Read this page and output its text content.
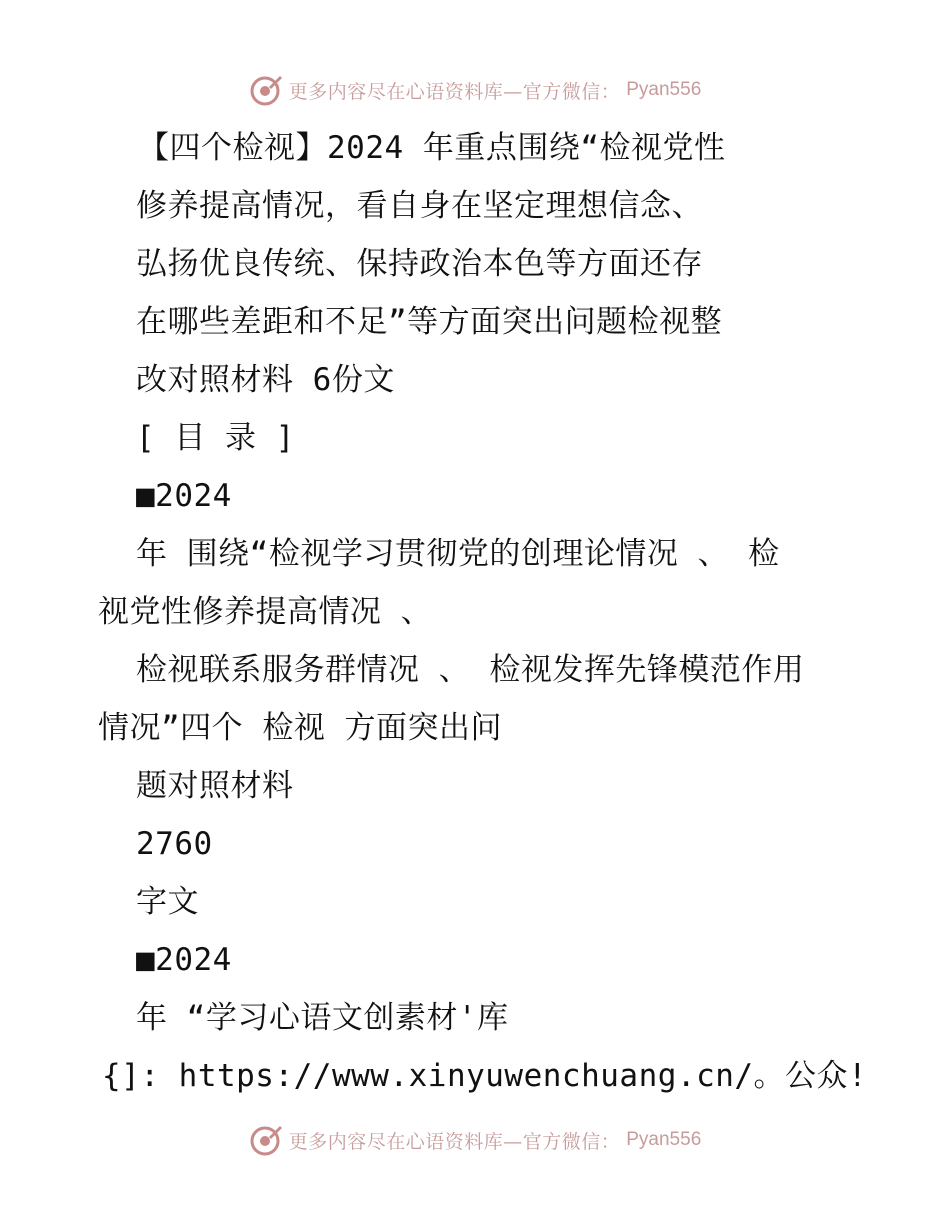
更多内容尽在心语资料库—官方微信： Pyan556
【四个检视】2024 年重点围绕“检视党性
修养提高情况，看自身在坚定理想信念、
弘扬优良传统、保持政治本色等方面还存
在哪些差距和不足”等方面突出问题检视整
改对照材料 6份文
[ 目 录 ]
■2024
年 围绕“检视学习贯彻党的创理论情况 、 检
视党性修养提高情况 、
检视联系服务群情况 、 检视发挥先锋模范作用
情况”四个 检视 方面突出问
题对照材料
2760
字文
■2024
年 “学习心语文创素材'库
{]: https://www.xinyuwenchuang.cn/。公众!
更多内容尽在心语资料库—官方微信： Pyan556
